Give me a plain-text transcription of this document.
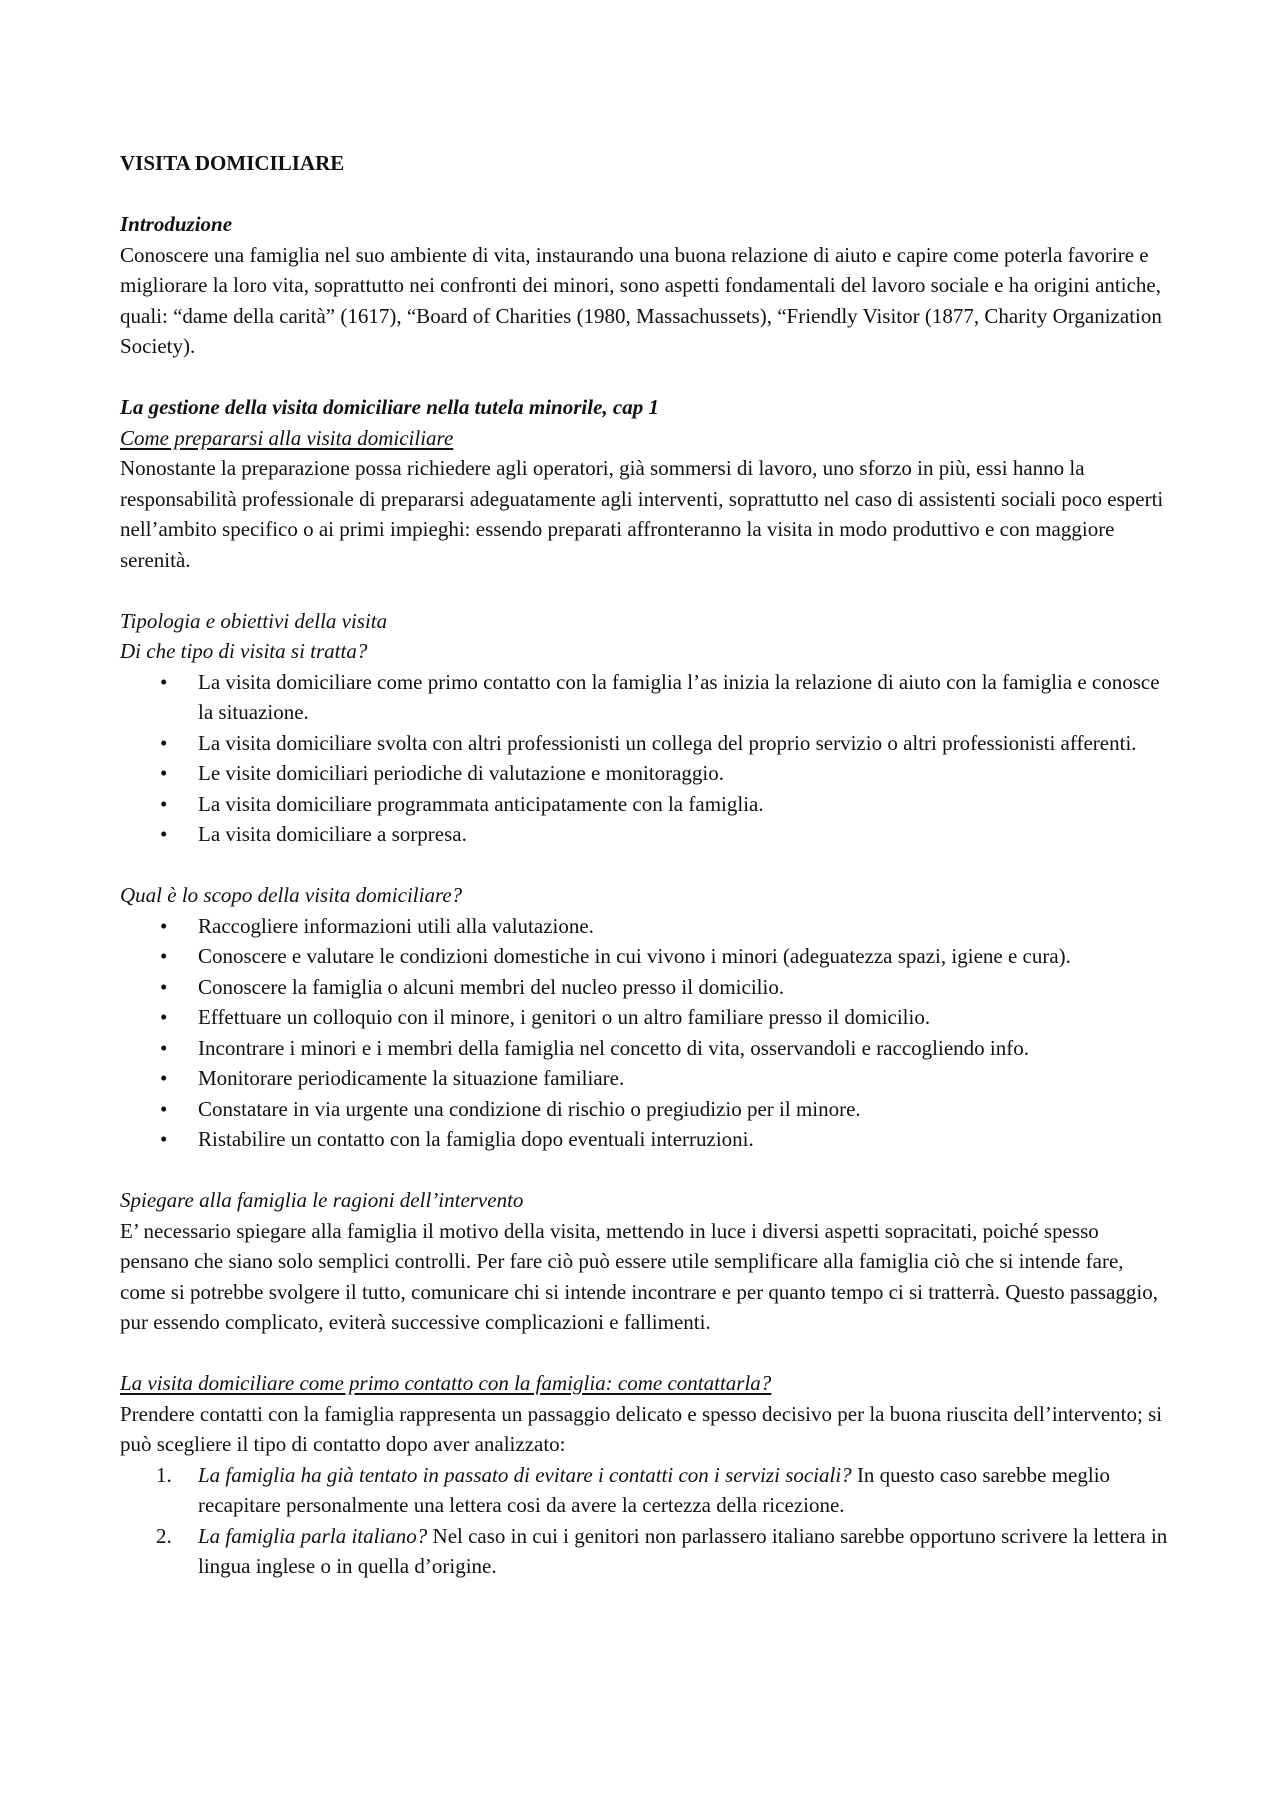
VISITA DOMICILIARE

Introduzione

Conoscere una famiglia nel suo ambiente di vita, instaurando una buona relazione di aiuto e capire come poterla favorire e migliorare la loro vita, soprattutto nei confronti dei minori, sono aspetti fondamentali del lavoro sociale e ha origini antiche, quali: “dame della carità” (1617), “Board of Charities (1980, Massachussets), “Friendly Visitor (1877, Charity Organization Society).

La gestione della visita domiciliare nella tutela minorile, cap 1

Come prepararsi alla visita domiciliare

Nonostante la preparazione possa richiedere agli operatori, già sommersi di lavoro, uno sforzo in più, essi hanno la responsabilità professionale di prepararsi adeguatamente agli interventi, soprattutto nel caso di assistenti sociali poco esperti nell’ambito specifico o ai primi impieghi: essendo preparati affronteranno la visita in modo produttivo e con maggiore serenità.

Tipologia e obiettivi della visita

Di che tipo di visita si tratta?

• La visita domiciliare come primo contatto con la famiglia l’as inizia la relazione di aiuto con la famiglia e conosce la situazione.
• La visita domiciliare svolta con altri professionisti un collega del proprio servizio o altri professionisti afferenti.
• Le visite domiciliari periodiche di valutazione e monitoraggio.
• La visita domiciliare programmata anticipatamente con la famiglia.
• La visita domiciliare a sorpresa.

Qual è lo scopo della visita domiciliare?

• Raccogliere informazioni utili alla valutazione.
• Conoscere e valutare le condizioni domestiche in cui vivono i minori (adeguatezza spazi, igiene e cura).
• Conoscere la famiglia o alcuni membri del nucleo presso il domicilio.
• Effettuare un colloquio con il minore, i genitori o un altro familiare presso il domicilio.
• Incontrare i minori e i membri della famiglia nel concetto di vita, osservandoli e raccogliendo info.
• Monitorare periodicamente la situazione familiare.
• Constatare in via urgente una condizione di rischio o pregiudizio per il minore.
• Ristabilire un contatto con la famiglia dopo eventuali interruzioni.

Spiegare alla famiglia le ragioni dell’intervento

E’ necessario spiegare alla famiglia il motivo della visita, mettendo in luce i diversi aspetti sopracitati, poiché spesso pensano che siano solo semplici controlli. Per fare ciò può essere utile semplificare alla famiglia ciò che si intende fare, come si potrebbe svolgere il tutto, comunicare chi si intende incontrare e per quanto tempo ci si tratterrà. Questo passaggio, pur essendo complicato, eviterà successive complicazioni e fallimenti.

La visita domiciliare come primo contatto con la famiglia: come contattarla?

Prendere contatti con la famiglia rappresenta un passaggio delicato e spesso decisivo per la buona riuscita dell’intervento; si può scegliere il tipo di contatto dopo aver analizzato:

1. La famiglia ha già tentato in passato di evitare i contatti con i servizi sociali? In questo caso sarebbe meglio recapitare personalmente una lettera cosi da avere la certezza della ricezione.
2. La famiglia parla italiano? Nel caso in cui i genitori non parlassero italiano sarebbe opportuno scrivere la lettera in lingua inglese o in quella d’origine.
